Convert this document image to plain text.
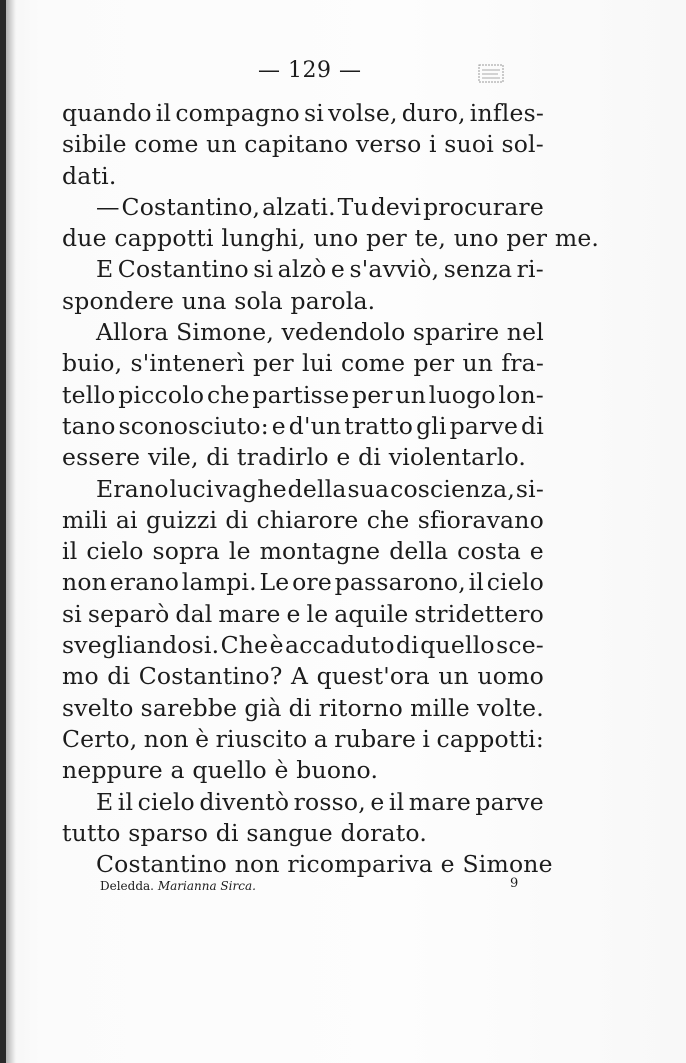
— 129 —
quando il compagno si volse, duro, infles-
sibile come un capitano verso i suoi sol-
dati.
— Costantino, alzati. Tu devi procurare
due cappotti lunghi, uno per te, uno per me.
E Costantino si alzò e s'avviò, senza ri-
spondere una sola parola.
Allora Simone, vedendolo sparire nel
buio, s'intenerì per lui come per un fra-
tello piccolo che partisse per un luogo lon-
tano sconosciuto: e d'un tratto gli parve di
essere vile, di tradirlo e di violentarlo.
Erano luci vaghe della sua coscienza, si-
mili ai guizzi di chiarore che sfioravano
il cielo sopra le montagne della costa e
non erano lampi. Le ore passarono, il cielo
si separò dal mare e le aquile stridettero
svegliandosi. Che è accaduto di quello sce-
mo di Costantino? A quest'ora un uomo
svelto sarebbe già di ritorno mille volte.
Certo, non è riuscito a rubare i cappotti:
neppure a quello è buono.
E il cielo diventò rosso, e il mare parve
tutto sparso di sangue dorato.
Costantino non ricompariva e Simone
Deledda. Marianna Sirca.	9
